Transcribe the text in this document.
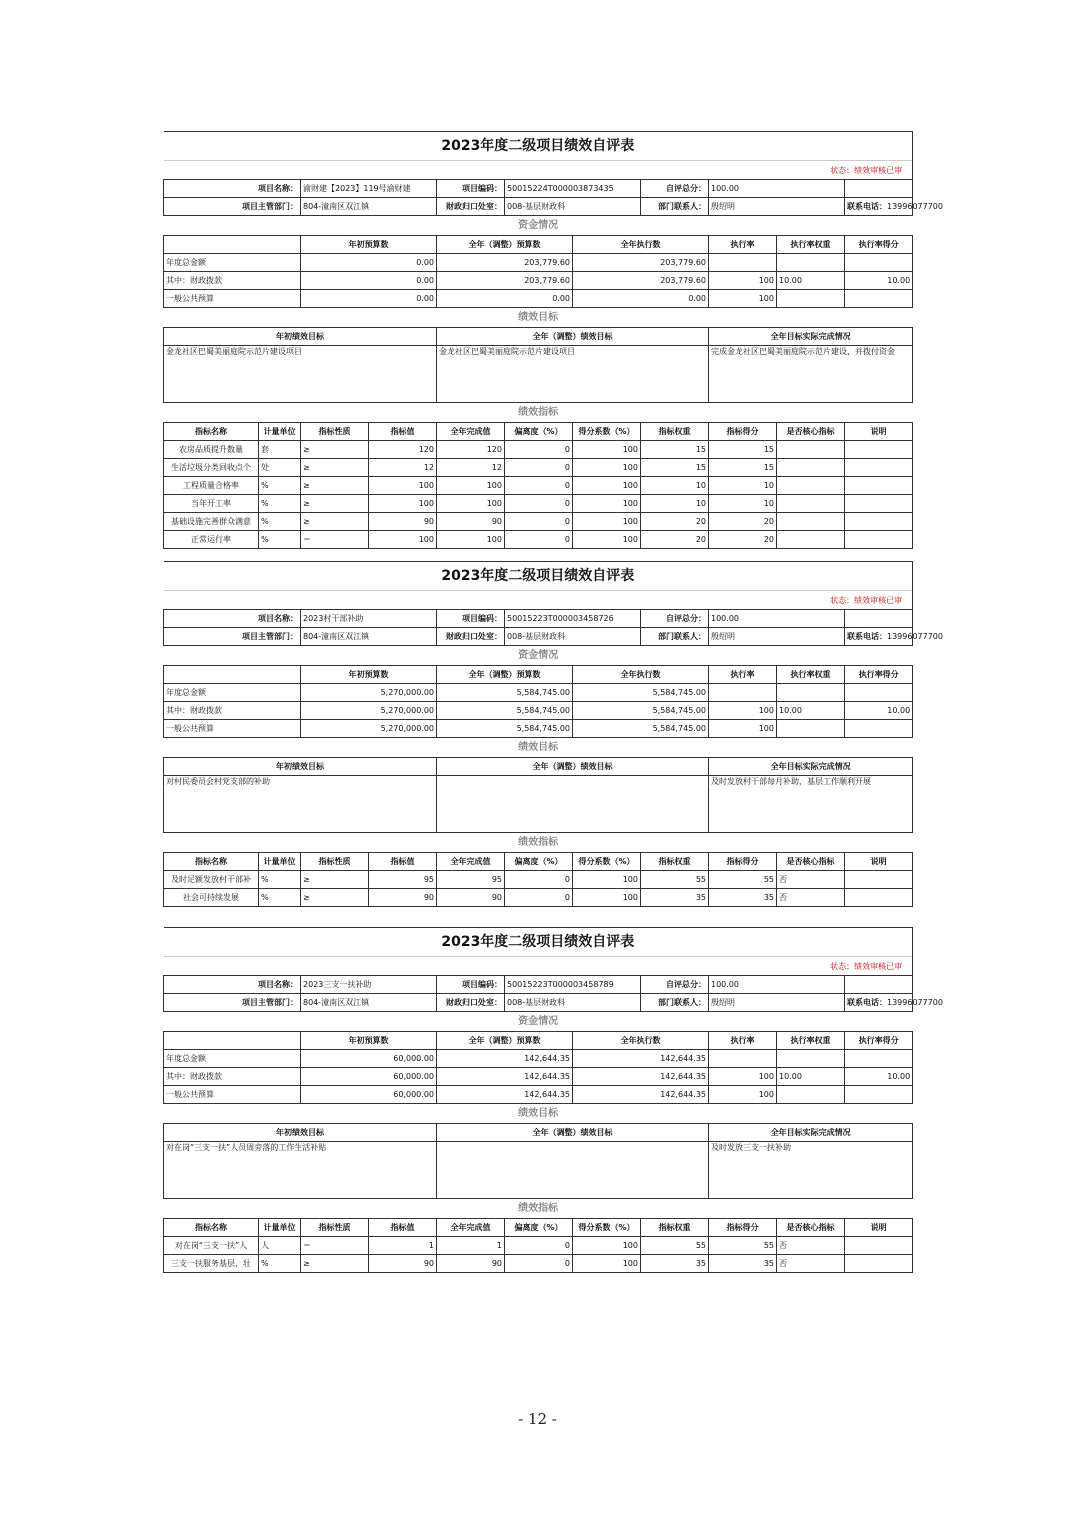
2023年度二级项目绩效自评表										
状态：绩效审核已审										
项目名称：		渝财建【2023】119号渝财建		项目编码：	50015224T000003873435		自评总分：	100.00		
项目主管部门：		804-潼南区双江镇		财政归口处室：	008-基层财政科		部门联系人：	殷绍明		联系电话：13996077700
资金情况										
		年初预算数		全年（调整）预算数		全年执行数		执行率	执行率权重	执行率得分
年度总金额		0.00		203,779.60		203,779.60				
其中：财政拨款		0.00		203,779.60		203,779.60		100	10.00	10.00
一般公共预算		0.00		0.00		0.00		100		
绩效目标										
年初绩效目标				全年（调整）绩效目标				全年目标实际完成情况		
金龙社区巴蜀美丽庭院示范片建设项目				金龙社区巴蜀美丽庭院示范片建设项目				完成金龙社区巴蜀美丽庭院示范片建设，并拨付资金		
绩效指标										
指标名称	计量单位	指标性质	指标值	全年完成值	偏离度（%）	得分系数（%）	指标权重	指标得分	是否核心指标	说明
农房品质提升数量	套	≥	120	120	0	100	15	15		
生活垃圾分类回收点个	处	≥	12	12	0	100	15	15		
工程质量合格率	%	≥	100	100	0	100	10	10		
当年开工率	%	≥	100	100	0	100	10	10		
基础设施完善群众满意	%	≥	90	90	0	100	20	20		
正常运行率	%	＝	100	100	0	100	20	20		
2023年度二级项目绩效自评表										
状态：绩效审核已审										
项目名称：		2023村干部补助		项目编码：	50015223T000003458726		自评总分：	100.00		
项目主管部门：		804-潼南区双江镇		财政归口处室：	008-基层财政科		部门联系人：	殷绍明		联系电话：13996077700
资金情况										
		年初预算数		全年（调整）预算数		全年执行数		执行率	执行率权重	执行率得分
年度总金额		5,270,000.00		5,584,745.00		5,584,745.00				
其中：财政拨款		5,270,000.00		5,584,745.00		5,584,745.00		100	10.00	10.00
一般公共预算		5,270,000.00		5,584,745.00		5,584,745.00		100		
绩效目标										
年初绩效目标				全年（调整）绩效目标				全年目标实际完成情况		
对村民委员会村党支部的补助								及时发放村干部每月补助，基层工作顺利开展		
绩效指标										
指标名称	计量单位	指标性质	指标值	全年完成值	偏离度（%）	得分系数（%）	指标权重	指标得分	是否核心指标	说明
及时足额发放村干部补	%	≥	95	95	0	100	55	55	否	
社会可持续发展	%	≥	90	90	0	100	35	35	否	
2023年度二级项目绩效自评表										
状态：绩效审核已审										
项目名称：		2023三支一扶补助		项目编码：	50015223T000003458789		自评总分：	100.00		
项目主管部门：		804-潼南区双江镇		财政归口处室：	008-基层财政科		部门联系人：	殷绍明		联系电话：13996077700
资金情况										
		年初预算数		全年（调整）预算数		全年执行数		执行率	执行率权重	执行率得分
年度总金额		60,000.00		142,644.35		142,644.35				
其中：财政拨款		60,000.00		142,644.35		142,644.35		100	10.00	10.00
一般公共预算		60,000.00		142,644.35		142,644.35		100		
绩效目标										
年初绩效目标				全年（调整）绩效目标				全年目标实际完成情况		
对在岗“三支一扶”人员周旁落的工作生活补贴								及时发放三支一扶补助		
绩效指标										
指标名称	计量单位	指标性质	指标值	全年完成值	偏离度（%）	得分系数（%）	指标权重	指标得分	是否核心指标	说明
对在岗“三支一扶”人	人	＝	1	1	0	100	55	55	否	
三支一扶服务基层，壮	%	≥	90	90	0	100	35	35	否	
- 12 -
